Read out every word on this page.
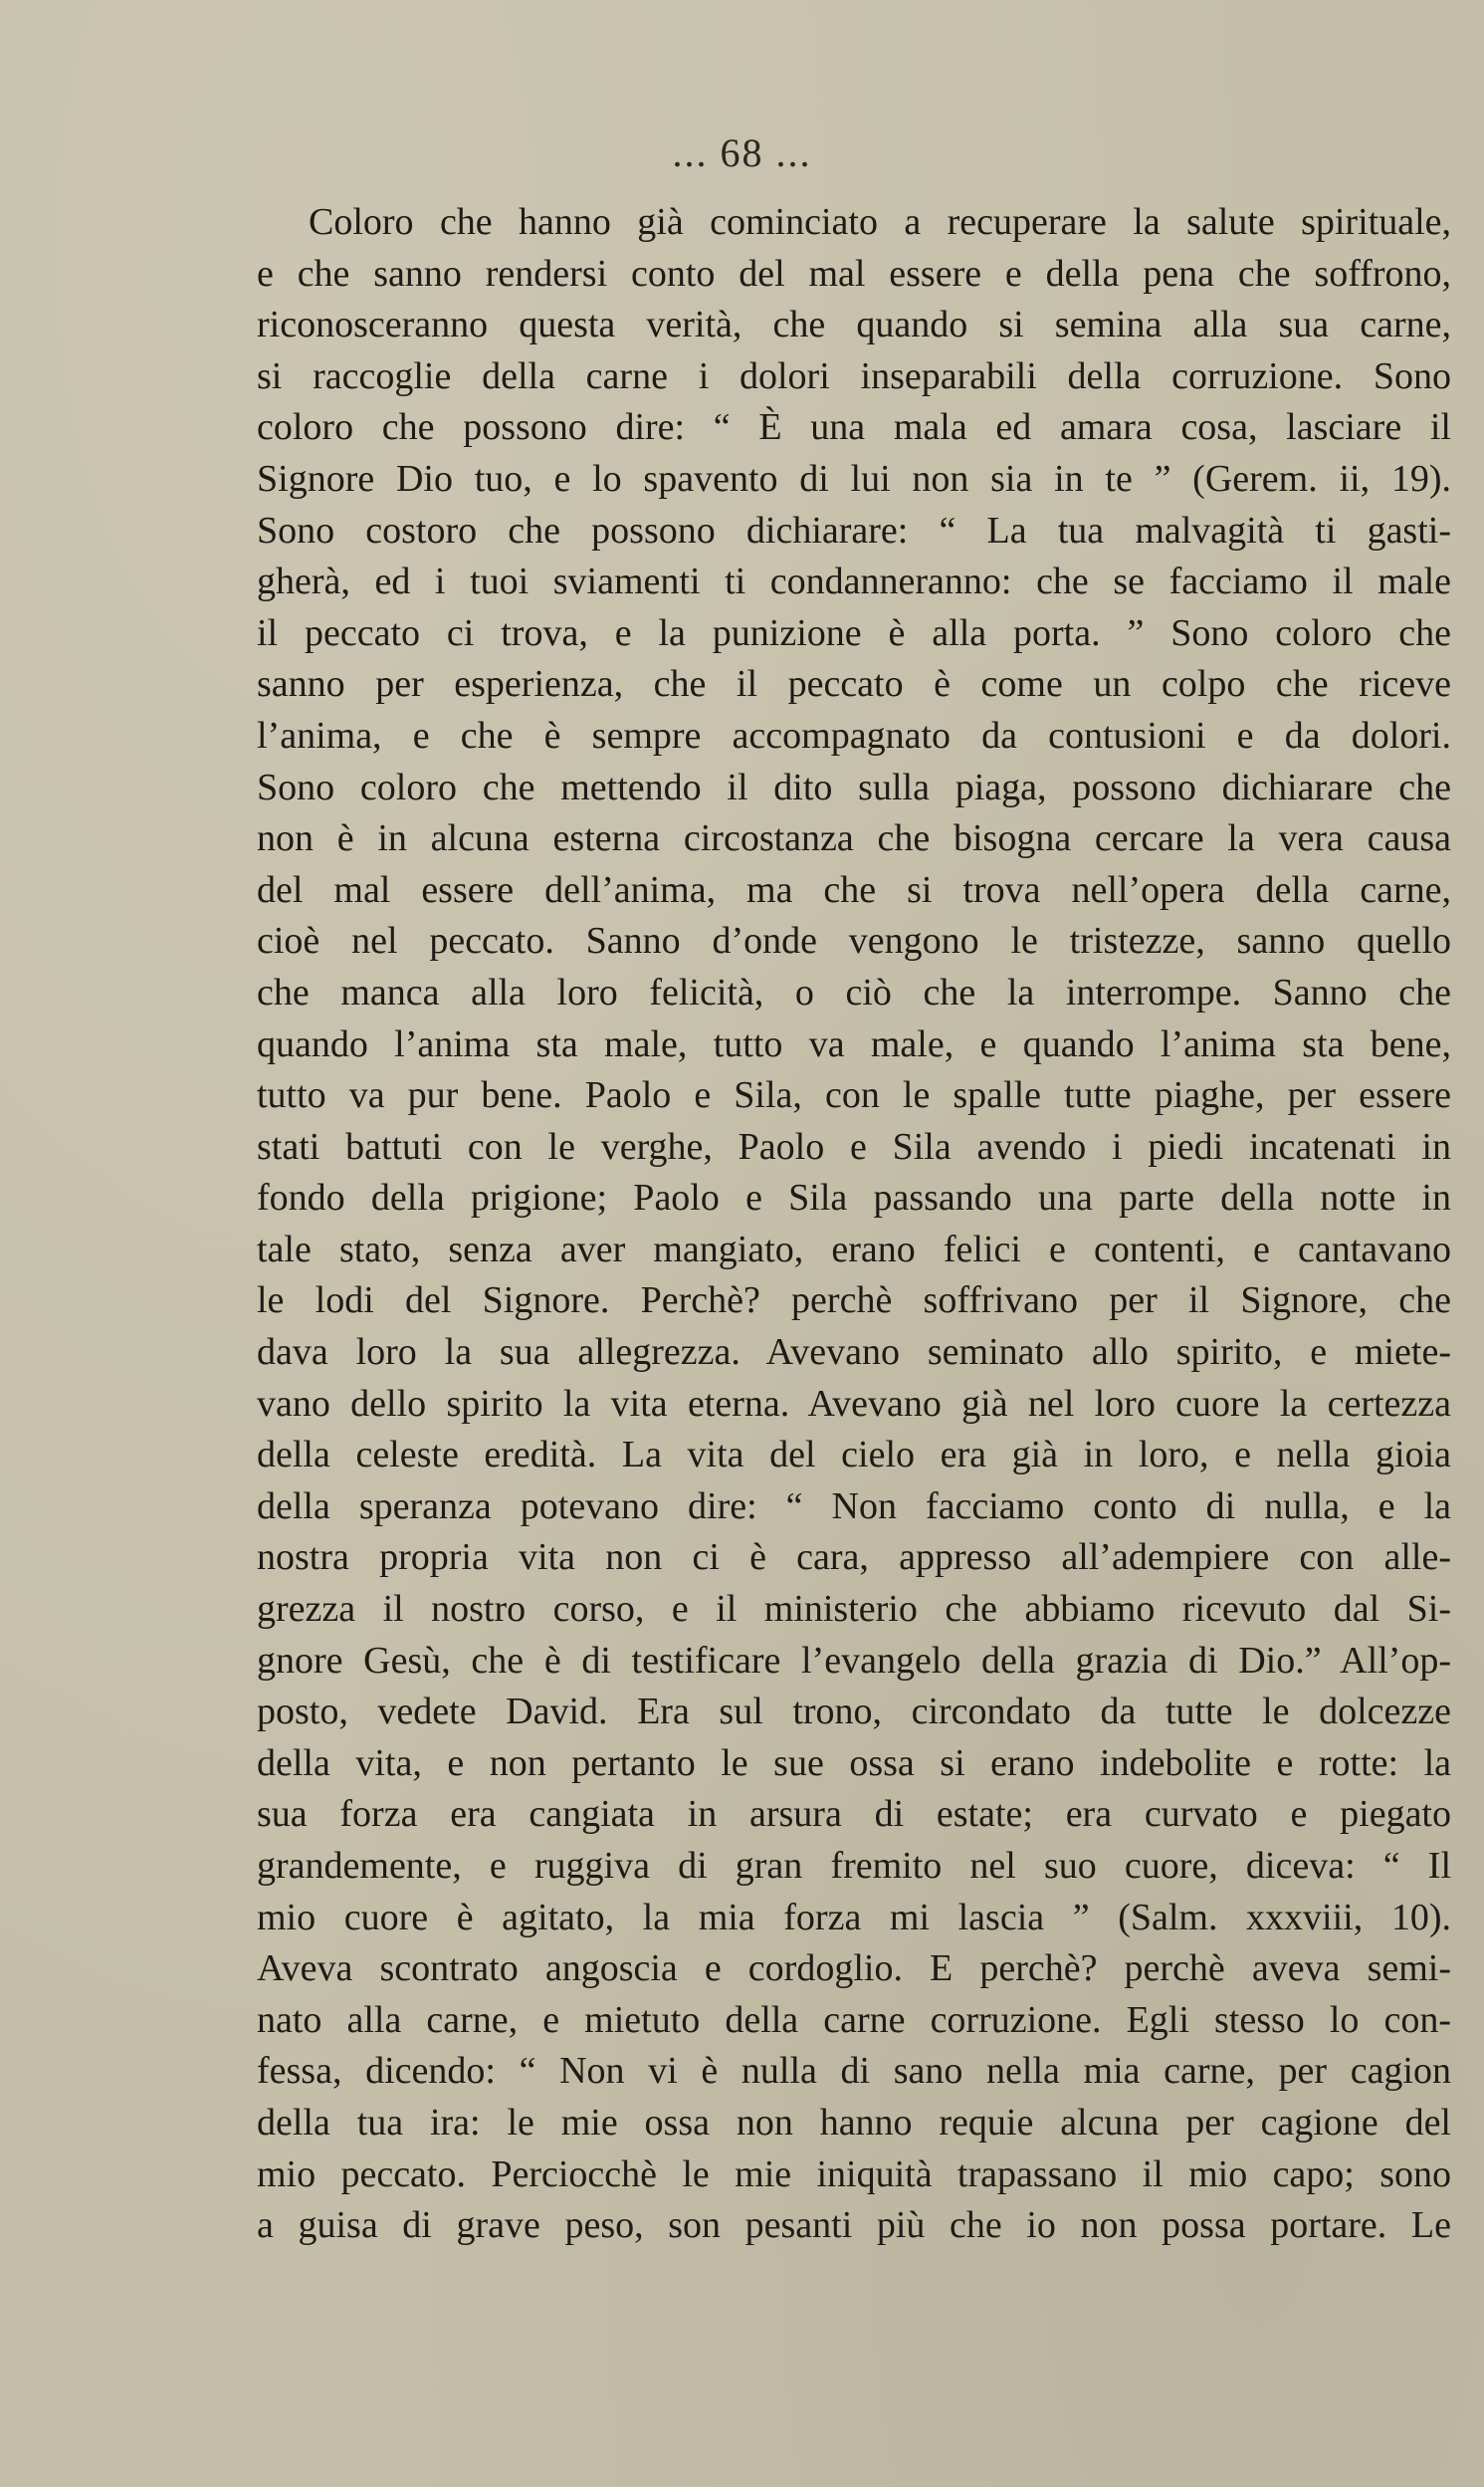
... 68 ...
Coloro che hanno già cominciato a recuperare la salute spirituale,
e che sanno rendersi conto del mal essere e della pena che soffrono,
riconosceranno questa verità, che quando si semina alla sua carne,
si raccoglie della carne i dolori inseparabili della corruzione. Sono
coloro che possono dire: “ È una mala ed amara cosa, lasciare il
Signore Dio tuo, e lo spavento di lui non sia in te ” (Gerem. ii, 19).
Sono costoro che possono dichiarare: “ La tua malvagità ti gasti-
gherà, ed i tuoi sviamenti ti condanneranno: che se facciamo il male
il peccato ci trova, e la punizione è alla porta. ” Sono coloro che
sanno per esperienza, che il peccato è come un colpo che riceve
l’anima, e che è sempre accompagnato da contusioni e da dolori.
Sono coloro che mettendo il dito sulla piaga, possono dichiarare che
non è in alcuna esterna circostanza che bisogna cercare la vera causa
del mal essere dell’anima, ma che si trova nell’opera della carne,
cioè nel peccato. Sanno d’onde vengono le tristezze, sanno quello
che manca alla loro felicità, o ciò che la interrompe. Sanno che
quando l’anima sta male, tutto va male, e quando l’anima sta bene,
tutto va pur bene. Paolo e Sila, con le spalle tutte piaghe, per essere
stati battuti con le verghe, Paolo e Sila avendo i piedi incatenati in
fondo della prigione; Paolo e Sila passando una parte della notte in
tale stato, senza aver mangiato, erano felici e contenti, e cantavano
le lodi del Signore. Perchè? perchè soffrivano per il Signore, che
dava loro la sua allegrezza. Avevano seminato allo spirito, e miete-
vano dello spirito la vita eterna. Avevano già nel loro cuore la certezza
della celeste eredità. La vita del cielo era già in loro, e nella gioia
della speranza potevano dire: “ Non facciamo conto di nulla, e la
nostra propria vita non ci è cara, appresso all’adempiere con alle-
grezza il nostro corso, e il ministerio che abbiamo ricevuto dal Si-
gnore Gesù, che è di testificare l’evangelo della grazia di Dio.” All’op-
posto, vedete David. Era sul trono, circondato da tutte le dolcezze
della vita, e non pertanto le sue ossa si erano indebolite e rotte: la
sua forza era cangiata in arsura di estate; era curvato e piegato
grandemente, e ruggiva di gran fremito nel suo cuore, diceva: “ Il
mio cuore è agitato, la mia forza mi lascia ” (Salm. xxxviii, 10).
Aveva scontrato angoscia e cordoglio. E perchè? perchè aveva semi-
nato alla carne, e mietuto della carne corruzione. Egli stesso lo con-
fessa, dicendo: “ Non vi è nulla di sano nella mia carne, per cagion
della tua ira: le mie ossa non hanno requie alcuna per cagione del
mio peccato. Perciocchè le mie iniquità trapassano il mio capo; sono
a guisa di grave peso, son pesanti più che io non possa portare. Le
